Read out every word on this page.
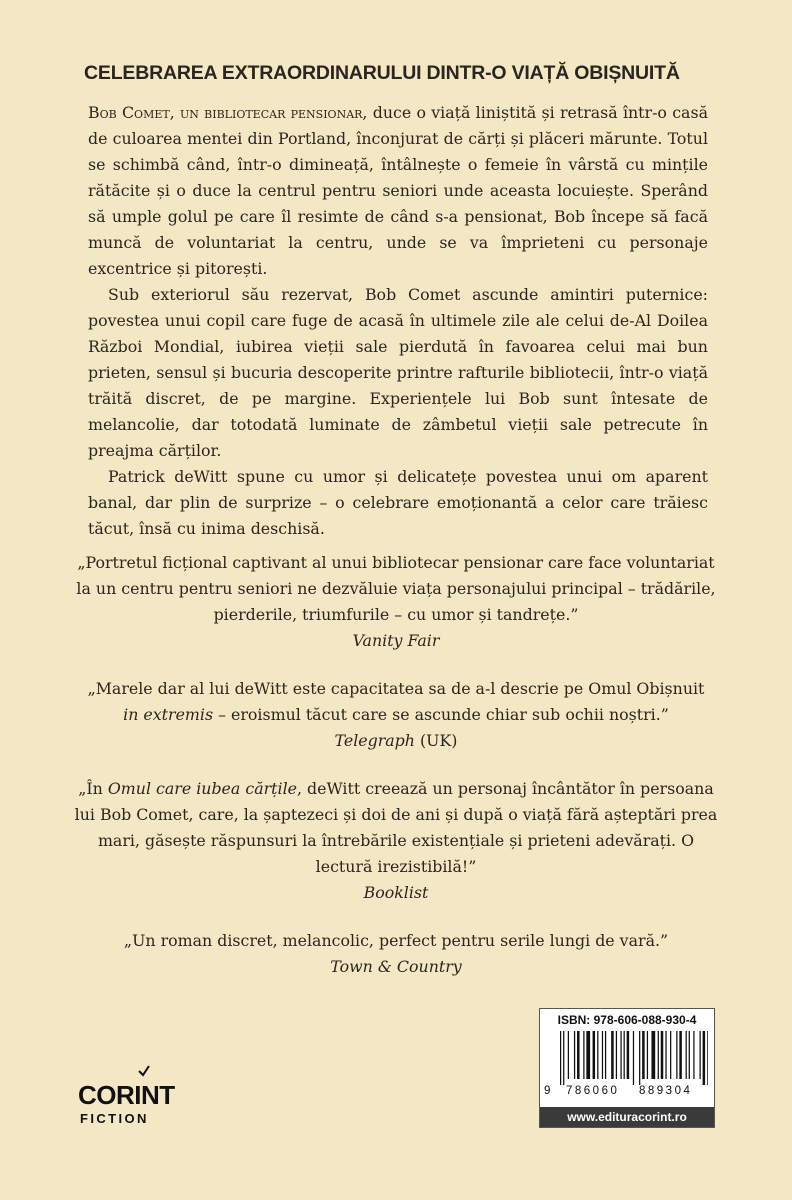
CELEBRAREA EXTRAORDINARULUI DINTR-O VIAȚĂ OBIȘNUITĂ

Bob Comet, un bibliotecar pensionar, duce o viață liniștită și retrasă într-o casă de culoarea mentei din Portland, înconjurat de cărți și plăceri mărunte. Totul se schimbă când, într-o dimineață, întâlnește o femeie în vârstă cu mințile rătăcite și o duce la centrul pentru seniori unde aceasta locuiește. Sperând să umple golul pe care îl resimte de când s-a pensionat, Bob începe să facă muncă de voluntariat la centru, unde se va împrieteni cu personaje excentrice și pitorești.

Sub exteriorul său rezervat, Bob Comet ascunde amintiri puternice: povestea unui copil care fuge de acasă în ultimele zile ale celui de-Al Doilea Război Mondial, iubirea vieții sale pierdută în favoarea celui mai bun prieten, sensul și bucuria descoperite printre rafturile bibliotecii, într-o viață trăită discret, de pe margine. Experiențele lui Bob sunt întesate de melancolie, dar totodată luminate de zâmbetul vieții sale petrecute în preajma cărților.

Patrick deWitt spune cu umor și delicatețe povestea unui om aparent banal, dar plin de surprize – o celebrare emoționantă a celor care trăiesc tăcut, însă cu inima deschisă.

„Portretul ficțional captivant al unui bibliotecar pensionar care face voluntariat la un centru pentru seniori ne dezvăluie viața personajului principal – trădările, pierderile, triumfurile – cu umor și tandrețe.”
Vanity Fair
„Marele dar al lui deWitt este capacitatea sa de a-l descrie pe Omul Obișnuit
in extremis – eroismul tăcut care se ascunde chiar sub ochii noștri.”
Telegraph (UK)
„În Omul care iubea cărțile, deWitt creează un personaj încântător în persoana lui Bob Comet, care, la șaptezeci și doi de ani și după o viață fără așteptări prea mari, găsește răspunsuri la întrebările existențiale și prieteni adevărați. O lectură irezistibilă!”
Booklist
„Un roman discret, melancolic, perfect pentru serile lungi de vară.”
Town & Country
CORINT
FICTION
ISBN: 978-606-088-930-4
9 786060 889304
www.edituracorint.ro
